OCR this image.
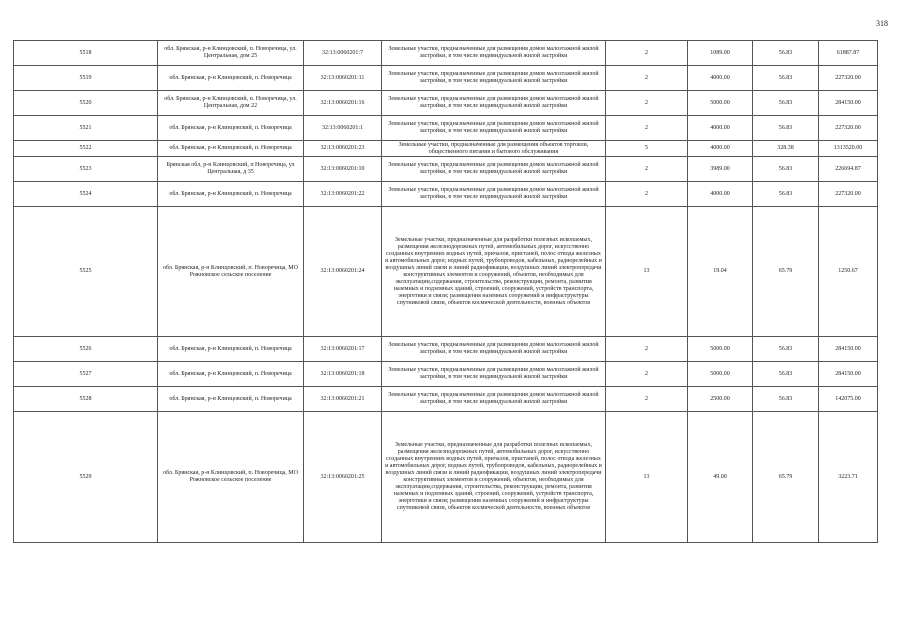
318
5518	обл. Брянская, р-н Клинцовский, п. Новоречица, ул. Центральная, дом 25	32:13:0060201:7	Земельные участки, предназначенные для размещения домов малоэтажной жилой застройки, в том числе индивидуальной жилой застройки	2	1089.00	56.83	61887.87
5519	обл. Брянская, р-н Клинцовский, п. Новоречица	32:13:0060201:11	Земельные участки, предназначенные для размещения домов малоэтажной жилой застройки, в том числе индивидуальной жилой застройки	2	4000.00	56.83	227320.00
5520	обл. Брянская, р-н Клинцовский, п. Новоречица, ул. Центральная, дом 22	32:13:0060201:16	Земельные участки, предназначенные для размещения домов малоэтажной жилой застройки, в том числе индивидуальной жилой застройки	2	5000.00	56.83	284150.00
5521	обл. Брянская, р-н Клинцовский, п. Новоречица	32:13:0060201:1	Земельные участки, предназначенные для размещения домов малоэтажной жилой застройки, в том числе индивидуальной жилой застройки	2	4000.00	56.83	227320.00
5522	обл. Брянская, р-н Клинцовский, п. Новоречица	32:13:0060201:23	Земельные участки, предназначенные для размещения объектов торговли, общественного питания и бытового обслуживания	5	4000.00	328.38	1313520.00
5523	Брянская обл, р-н Клинцовский, п Новоречица, ул Центральная, д 35	32:13:0060201:10	Земельные участки, предназначенные для размещения домов малоэтажной жилой застройки, в том числе индивидуальной жилой застройки	2	3989.00	56.83	226694.87
5524	обл. Брянская, р-н Клинцовский, п. Новоречица	32:13:0060201:22	Земельные участки, предназначенные для размещения домов малоэтажной жилой застройки, в том числе индивидуальной жилой застройки	2	4000.00	56.83	227320.00
5525	обл. Брянская, р-н Клинцовский, п. Новоречица, МО Рожновское сельское поселение	32:13:0060201:24	Земельные участки, предназначенные для разработки полезных ископаемых, размещения железнодорожных путей, автомобильных дорог, искусственно созданных внутренних водных путей, причалов, пристаней, полос отвода железных и автомобильных дорог, водных путей, трубопроводов, кабельных, радиорелейных и воздушных линий связи и линий радиофикации, воздушных линий электропередачи конструктивных элементов и сооружений, объектов, необходимых для эксплуатации,содержания, строительства, реконструкции, ремонта, развития наземных и подземных зданий, строений, сооружений, устройств транспорта, энергетики и связи; размещения наземных сооружений и инфраструктуры спутниковой связи, объектов космической деятельности, военных объектов	13	19.04	65.79	1250.67
5526	обл. Брянская, р-н Клинцовский, п. Новоречица	32:13:0060201:17	Земельные участки, предназначенные для размещения домов малоэтажной жилой застройки, в том числе индивидуальной жилой застройки	2	5000.00	56.83	284150.00
5527	обл. Брянская, р-н Клинцовский, п. Новоречица	32:13:0060201:18	Земельные участки, предназначенные для размещения домов малоэтажной жилой застройки, в том числе индивидуальной жилой застройки	2	5000.00	56.83	284150.00
5528	обл. Брянская, р-н Клинцовский, п. Новоречица	32:13:0060201:21	Земельные участки, предназначенные для размещения домов малоэтажной жилой застройки, в том числе индивидуальной жилой застройки	2	2500.00	56.83	142075.00
5529	обл. Брянская, р-н Клинцовский, п. Новоречица, МО Рожновское сельское поселение	32:13:0060201:25	Земельные участки, предназначенные для разработки полезных ископаемых, размещения железнодорожных путей, автомобильных дорог, искусственно созданных внутренних водных путей, причалов, пристаней, полос отвода железных и автомобильных дорог, водных путей, трубопроводов, кабельных, радиорелейных и воздушных линий связи и линий радиофикации, воздушных линий электропередачи конструктивных элементов и сооружений, объектов, необходимых для эксплуатации,содержания, строительства, реконструкции, ремонта, развития наземных и подземных зданий, строений, сооружений, устройств транспорта, энергетики и связи; размещения наземных сооружений и инфраструктуры спутниковой связи, объектов космической деятельности, военных объектов	13	49.00	65.79	3223.71
